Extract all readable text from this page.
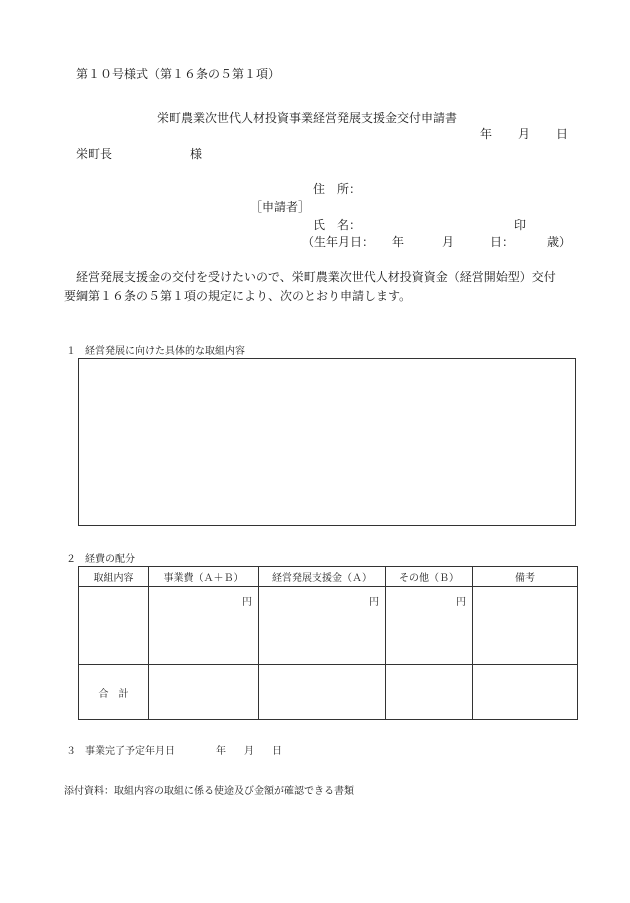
第１０号様式（第１６条の５第１項）
栄町農業次世代人材投資事業経営発展支援金交付申請書
年 月 日
栄町長	様
住　所：
［申請者］
氏　名：	印
（生年月日： 年	月	日：	歳）
経営発展支援金の交付を受けたいので、栄町農業次世代人材投資資金（経営開始型）交付
要綱第１６条の５第１項の規定により、次のとおり申請します。
１ 経営発展に向けた具体的な取組内容
２ 経費の配分
取組内容	事業費（Ａ＋Ｂ）	経営発展支援金（Ａ）	その他（Ｂ）	備考
	円	円	円	
合　計				
３ 事業完了予定年月日	年 月 日
添付資料：取組内容の取組に係る使途及び金額が確認できる書類
